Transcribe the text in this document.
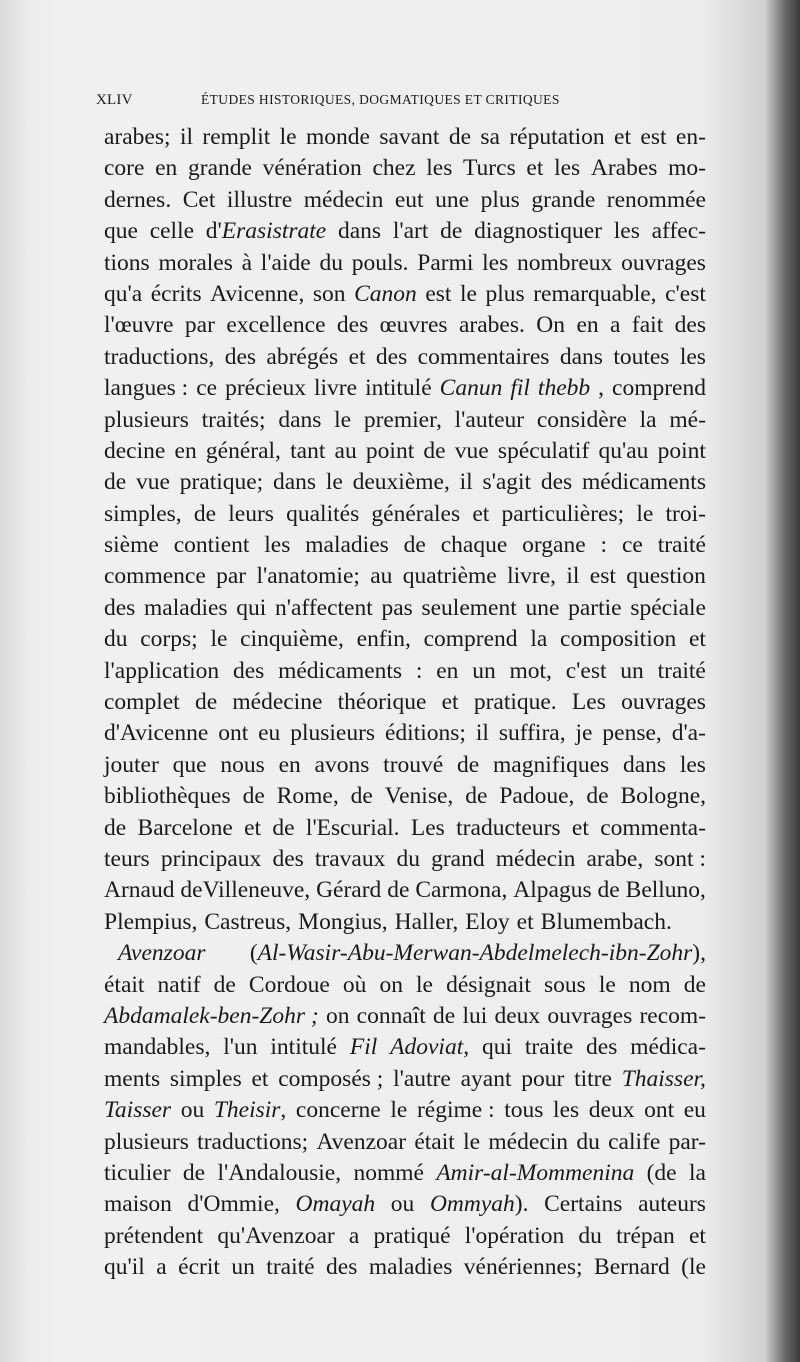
XLIV	ÉTUDES HISTORIQUES, DOGMATIQUES ET CRITIQUES
arabes; il remplit le monde savant de sa réputation et est en-
core en grande vénération chez les Turcs et les Arabes mo-
dernes. Cet illustre médecin eut une plus grande renommée
que celle d'Erasistrate dans l'art de diagnostiquer les affec-
tions morales à l'aide du pouls. Parmi les nombreux ouvrages
qu'a écrits Avicenne, son Canon est le plus remarquable, c'est
l'œuvre par excellence des œuvres arabes. On en a fait des
traductions, des abrégés et des commentaires dans toutes les
langues : ce précieux livre intitulé Canun fil thebb , comprend
plusieurs traités; dans le premier, l'auteur considère la mé-
decine en général, tant au point de vue spéculatif qu'au point
de vue pratique; dans le deuxième, il s'agit des médicaments
simples, de leurs qualités générales et particulières; le troi-
sième contient les maladies de chaque organe : ce traité
commence par l'anatomie; au quatrième livre, il est question
des maladies qui n'affectent pas seulement une partie spéciale
du corps; le cinquième, enfin, comprend la composition et
l'application des médicaments : en un mot, c'est un traité
complet de médecine théorique et pratique. Les ouvrages
d'Avicenne ont eu plusieurs éditions; il suffira, je pense, d'a-
jouter que nous en avons trouvé de magnifiques dans les
bibliothèques de Rome, de Venise, de Padoue, de Bologne,
de Barcelone et de l'Escurial. Les traducteurs et commenta-
teurs principaux des travaux du grand médecin arabe, sont :
Arnaud deVilleneuve, Gérard de Carmona, Alpagus de Belluno,
Plempius, Castreus, Mongius, Haller, Eloy et Blumembach.
Avenzoar (Al-Wasir-Abu-Merwan-Abdelmelech-ibn-Zohr),
était natif de Cordoue où on le désignait sous le nom de
Abdamalek-ben-Zohr ; on connaît de lui deux ouvrages recom-
mandables, l'un intitulé Fil Adoviat, qui traite des médica-
ments simples et composés ; l'autre ayant pour titre Thaisser,
Taisser ou Theisir, concerne le régime : tous les deux ont eu
plusieurs traductions; Avenzoar était le médecin du calife par-
ticulier de l'Andalousie, nommé Amir-al-Mommenina (de la
maison d'Ommie, Omayah ou Ommyah). Certains auteurs
prétendent qu'Avenzoar a pratiqué l'opération du trépan et
qu'il a écrit un traité des maladies vénériennes; Bernard (le
